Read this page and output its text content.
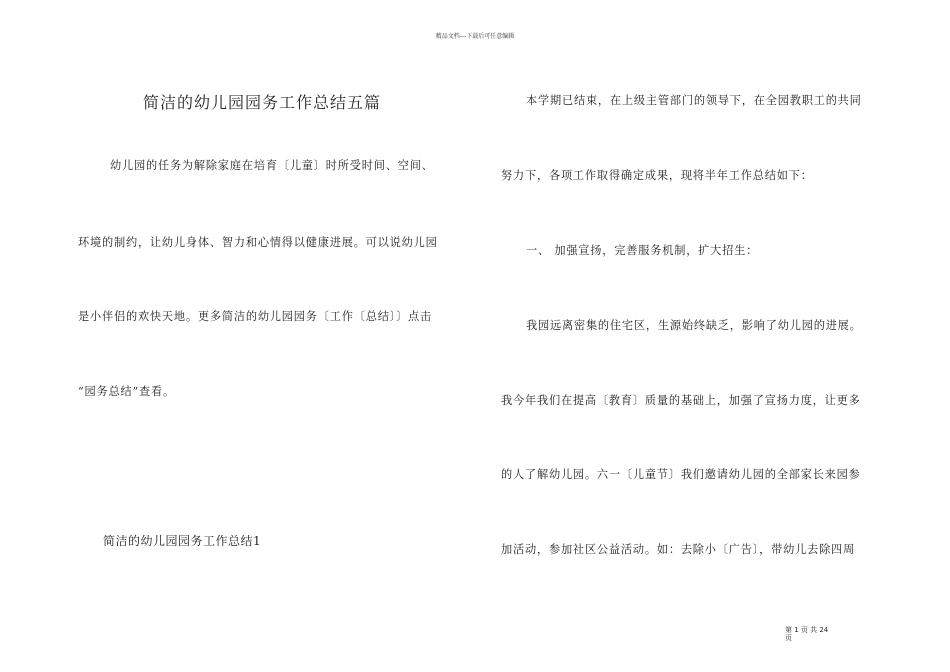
精品文档---下载后可任意编辑
简洁的幼儿园园务工作总结五篇
幼儿园的任务为解除家庭在培育〔儿童〕时所受时间、空间、
环境的制约，让幼儿身体、智力和心情得以健康进展。可以说幼儿园
是小伴侣的欢快天地。更多简洁的幼儿园园务〔工作〔总结〕〕点击
“园务总结”查看。
简洁的幼儿园园务工作总结1
本学期已结束，在上级主管部门的领导下，在全园教职工的共同
努力下，各项工作取得确定成果，现将半年工作总结如下：
一、 加强宣扬，完善服务机制，扩大招生：
我园远离密集的住宅区，生源始终缺乏，影响了幼儿园的进展。
我今年我们在提高〔教育〕质量的基础上，加强了宣扬力度，让更多
的人了解幼儿园。六一〔儿童节〕我们邀请幼儿园的全部家长来园参
加活动，参加社区公益活动。如：去除小〔广告〕，带幼儿去除四周
第 1 页 共 24
页
